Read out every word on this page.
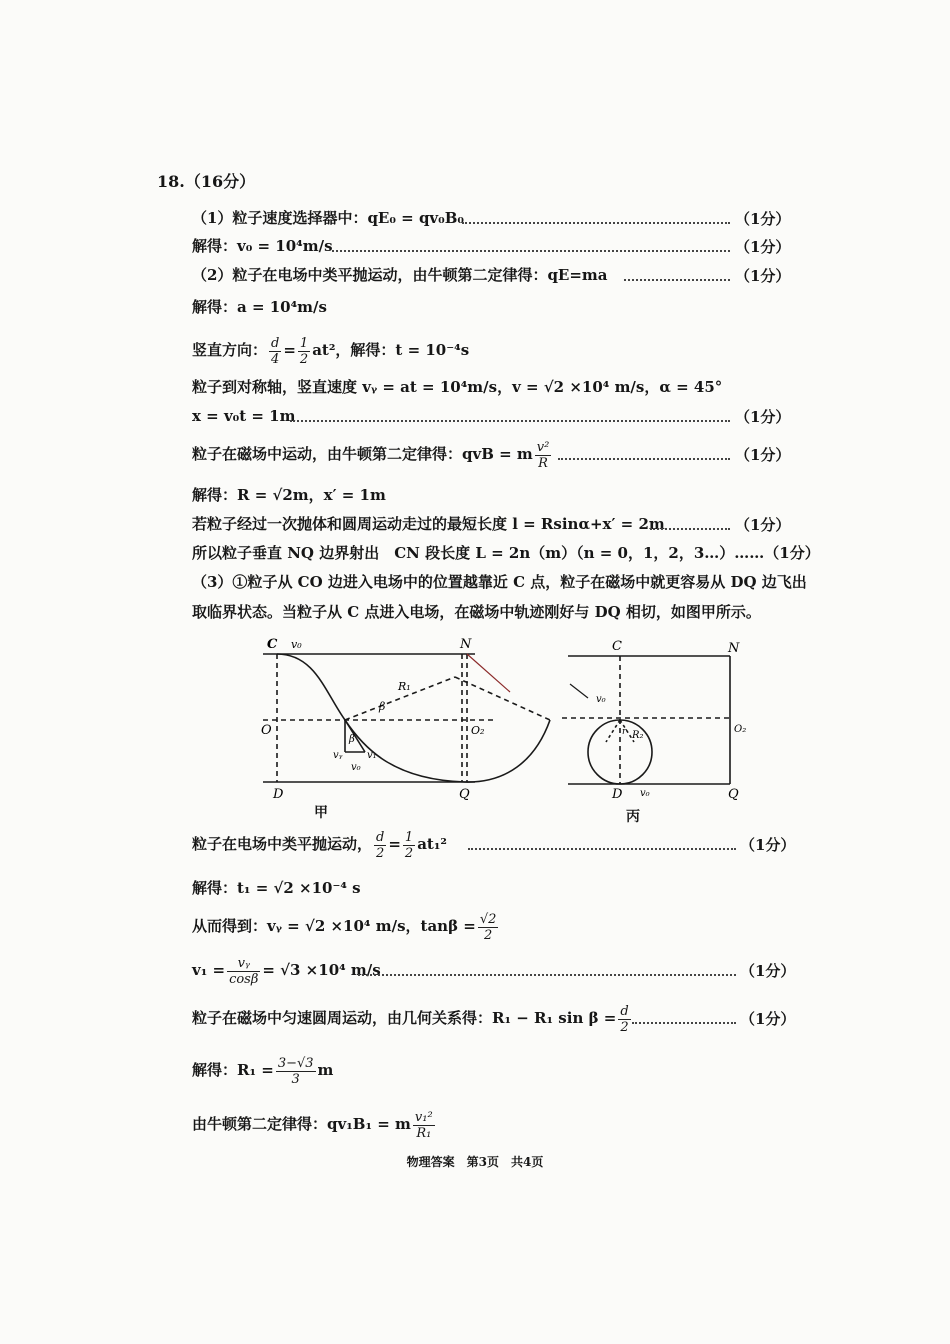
18.（16分）
（1）粒子速度选择器中：qE₀ = qv₀B₀	（1分）
解得：v₀ = 10⁴m/s	（1分）
（2）粒子在电场中类平抛运动，由牛顿第二定律得：qE=ma	（1分）
解得：a = 10⁴m/s
竖直方向： $\frac{d}{4} = \frac{1}{2} at^2$，解得：t = 10⁻⁴s
粒子到对称轴，竖直速度 vᵧ = at = 10⁴m/s，v = √2 ×10⁴ m/s，α = 45°
x = v₀t = 1m	（1分）
粒子在磁场中运动，由牛顿第二定律得：qvB = m $\frac{\text{v²}}{R}$	（1分）
解得：R = √2m，x′ = 1m
若粒子经过一次抛体和圆周运动走过的最短长度 l = Rsinα+x′ = 2m	（1分）
所以粒子垂直 NQ 边界射出　CN 段长度 L = 2n（m）（n = 0，1，2，3…）……（1分）
（3）①粒子从 CO 边进入电场中的位置越靠近 C 点，粒子在磁场中就更容易从 DQ 边飞出
取临界状态。当粒子从 C 点进入电场，在磁场中轨迹刚好与 DQ 相切，如图甲所示。
C v₀	N
R₁
β
O	O₂
β
vᵧ v₁
v₀
D	Q
甲
C	N
v₀
O₂
r R₂
D v₀	Q
丙
粒子在电场中类平抛运动， $\frac{d}{2} = \frac{1}{2} at_1^2$	（1分）
解得：t₁ = √2 ×10⁻⁴ s
从而得到：vᵧ = √2 ×10⁴ m/s，$\tan\beta = \frac{√2}{2}$
$v_1 = \frac{\text{vᵧ}}{\cos\beta} = √3 \times 10^4$ m/s	（1分）
粒子在磁场中匀速圆周运动，由几何关系得：R₁ − R₁ $\sin \beta = \frac{d}{2}$	（1分）
解得：$R_1 = \frac{3-√3}{3}$ m
由牛顿第二定律得：qv₁B₁ = m $\frac{\text{v₁²}}{\text{R₁}}$
物理答案　第3页　共4页
